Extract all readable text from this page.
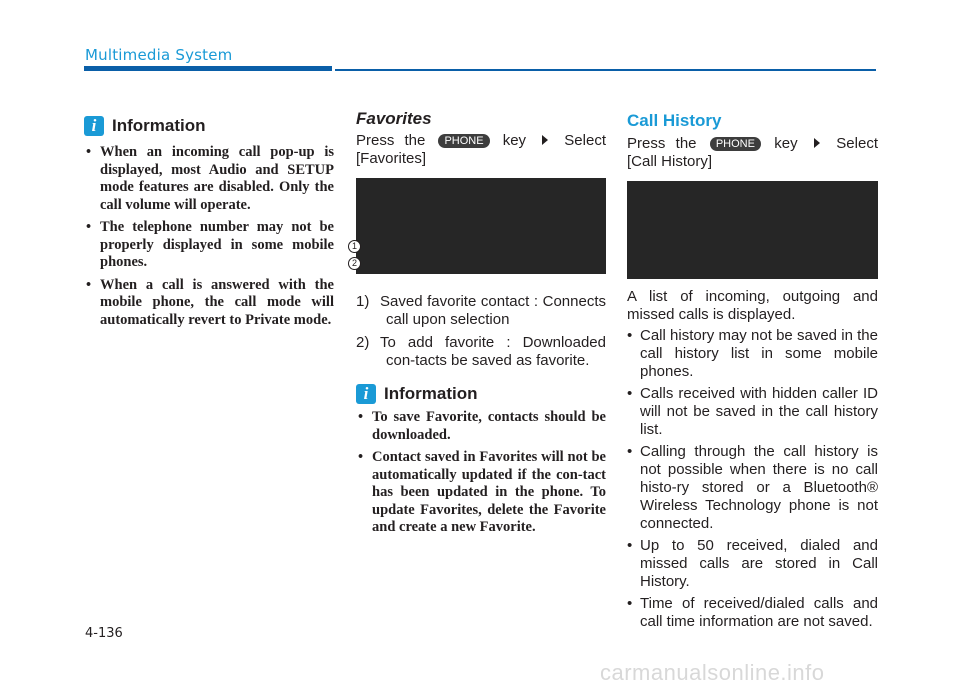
Multimedia System
i Information
• When an incoming call pop-up is displayed, most Audio and SETUP mode features are disabled. Only the call volume will operate.
• The telephone number may not be properly displayed in some mobile phones.
• When a call is answered with the mobile phone, the call mode will automatically revert to Private mode.
Favorites

Press the PHONE key	Select [Favorites]

1
2
1) Saved favorite contact : Connects call upon selection
2) To add favorite : Downloaded con-tacts be saved as favorite.
i Information
• To save Favorite, contacts should be downloaded.
• Contact saved in Favorites will not be automatically updated if the con-tact has been updated in the phone. To update Favorites, delete the Favorite and create a new Favorite.
Call History

Press the PHONE key	Select [Call History]

A list of incoming, outgoing and missed calls is displayed.

• Call history may not be saved in the call history list in some mobile phones.
• Calls received with hidden caller ID will not be saved in the call history list.
• Calling through the call history is not possible when there is no call histo-ry stored or a Bluetooth® Wireless Technology phone is not connected.
• Up to 50 received, dialed and missed calls are stored in Call History.
• Time of received/dialed calls and call time information are not saved.
4-136
carmanualsonline.info
